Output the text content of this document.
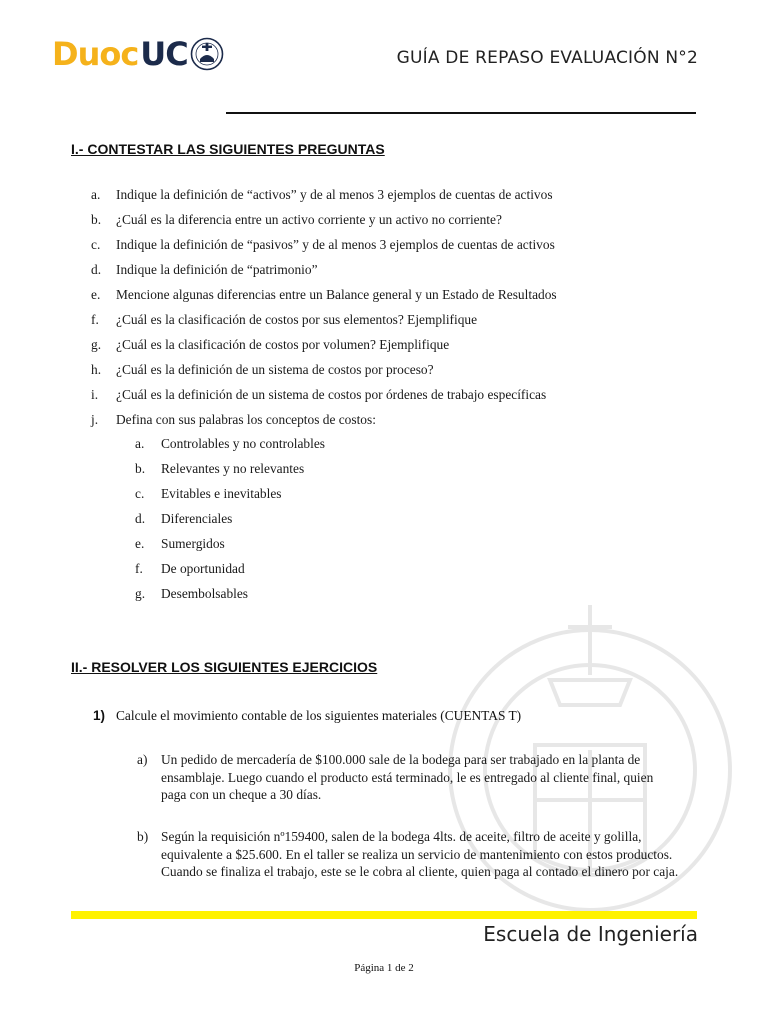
Duoc UC	GUÍA DE REPASO EVALUACIÓN N°2
I.- CONTESTAR LAS SIGUIENTES PREGUNTAS
a. Indique la definición de “activos” y de al menos 3 ejemplos de cuentas de activos
b. ¿Cuál es la diferencia entre un activo corriente y un activo no corriente?
c. Indique la definición de “pasivos” y de al menos 3 ejemplos de cuentas de activos
d. Indique la definición de “patrimonio”
e. Mencione algunas diferencias entre un Balance general y un Estado de Resultados
f. ¿Cuál es la clasificación de costos por sus elementos? Ejemplifique
g. ¿Cuál es la clasificación de costos por volumen? Ejemplifique
h. ¿Cuál es la definición de un sistema de costos por proceso?
i. ¿Cuál es la definición de un sistema de costos por órdenes de trabajo específicas
j. Defina con sus palabras los conceptos de costos:
a. Controlables y no controlables
b. Relevantes y no relevantes
c. Evitables e inevitables
d. Diferenciales
e. Sumergidos
f. De oportunidad
g. Desembolsables
II.- RESOLVER LOS SIGUIENTES EJERCICIOS
1) Calcule el movimiento contable de los siguientes materiales (CUENTAS T)
a) Un pedido de mercadería de $100.000 sale de la bodega para ser trabajado en la planta de
ensamblaje. Luego cuando el producto está terminado, le es entregado al cliente final, quien
paga con un cheque a 30 días.
b) Según la requisición nº159400, salen de la bodega 4lts. de aceite, filtro de aceite y golilla,
equivalente a $25.600. En el taller se realiza un servicio de mantenimiento con estos productos.
Cuando se finaliza el trabajo, este se le cobra al cliente, quien paga al contado el dinero por caja.
Escuela de Ingeniería
Página 1 de 2
